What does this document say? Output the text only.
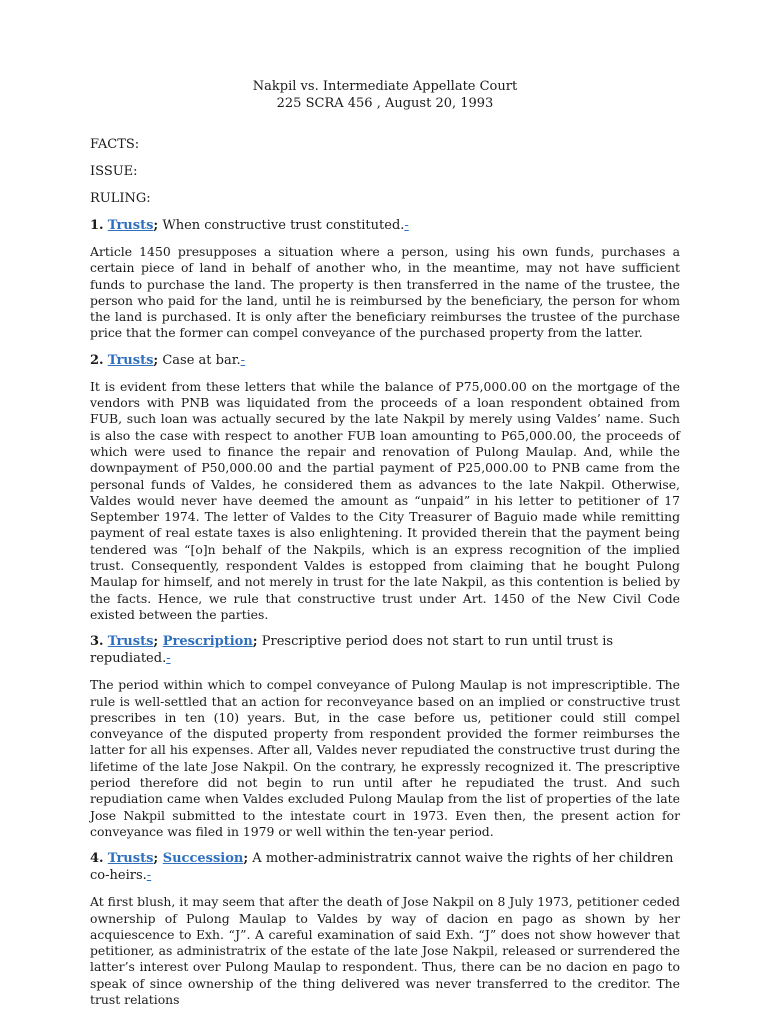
Nakpil vs. Intermediate Appellate Court

225 SCRA 456 , August 20, 1993

FACTS:

ISSUE:

RULING:

1. Trusts; When constructive trust constituted.-

Article 1450 presupposes a situation where a person, using his own funds, purchases a certain piece of land in behalf of another who, in the meantime, may not have sufficient funds to purchase the land. The property is then transferred in the name of the trustee, the person who paid for the land, until he is reimbursed by the beneficiary, the person for whom the land is purchased. It is only after the beneficiary reimburses the trustee of the purchase price that the former can compel conveyance of the purchased property from the latter.

2. Trusts; Case at bar.-

It is evident from these letters that while the balance of P75,000.00 on the mortgage of the vendors with PNB was liquidated from the proceeds of a loan respondent obtained from FUB, such loan was actually secured by the late Nakpil by merely using Valdes’ name. Such is also the case with respect to another FUB loan amounting to P65,000.00, the proceeds of which were used to finance the repair and renovation of Pulong Maulap. And, while the downpayment of P50,000.00 and the partial payment of P25,000.00 to PNB came from the personal funds of Valdes, he considered them as advances to the late Nakpil. Otherwise, Valdes would never have deemed the amount as “unpaid” in his letter to petitioner of 17 September 1974. The letter of Valdes to the City Treasurer of Baguio made while remitting payment of real estate taxes is also enlightening. It provided therein that the payment being tendered was “[o]n behalf of the Nakpils, which is an express recognition of the implied trust. Consequently, respondent Valdes is estopped from claiming that he bought Pulong Maulap for himself, and not merely in trust for the late Nakpil, as this contention is belied by the facts. Hence, we rule that constructive trust under Art. 1450 of the New Civil Code existed between the parties.

3. Trusts; Prescription; Prescriptive period does not start to run until trust is repudiated.-

The period within which to compel conveyance of Pulong Maulap is not imprescriptible. The rule is well-settled that an action for reconveyance based on an implied or constructive trust prescribes in ten (10) years. But, in the case before us, petitioner could still compel conveyance of the disputed property from respondent provided the former reimburses the latter for all his expenses. After all, Valdes never repudiated the constructive trust during the lifetime of the late Jose Nakpil. On the contrary, he expressly recognized it. The prescriptive period therefore did not begin to run until after he repudiated the trust. And such repudiation came when Valdes excluded Pulong Maulap from the list of properties of the late Jose Nakpil submitted to the intestate court in 1973. Even then, the present action for conveyance was filed in 1979 or well within the ten-year period.

4. Trusts; Succession; A mother-administratrix cannot waive the rights of her children co-heirs.-

At first blush, it may seem that after the death of Jose Nakpil on 8 July 1973, petitioner ceded ownership of Pulong Maulap to Valdes by way of dacion en pago as shown by her acquiescence to Exh. “J”. A careful examination of said Exh. “J” does not show however that petitioner, as administratrix of the estate of the late Jose Nakpil, released or surrendered the latter’s interest over Pulong Maulap to respondent. Thus, there can be no dacion en pago to speak of since ownership of the thing delivered was never transferred to the creditor. The trust relations
